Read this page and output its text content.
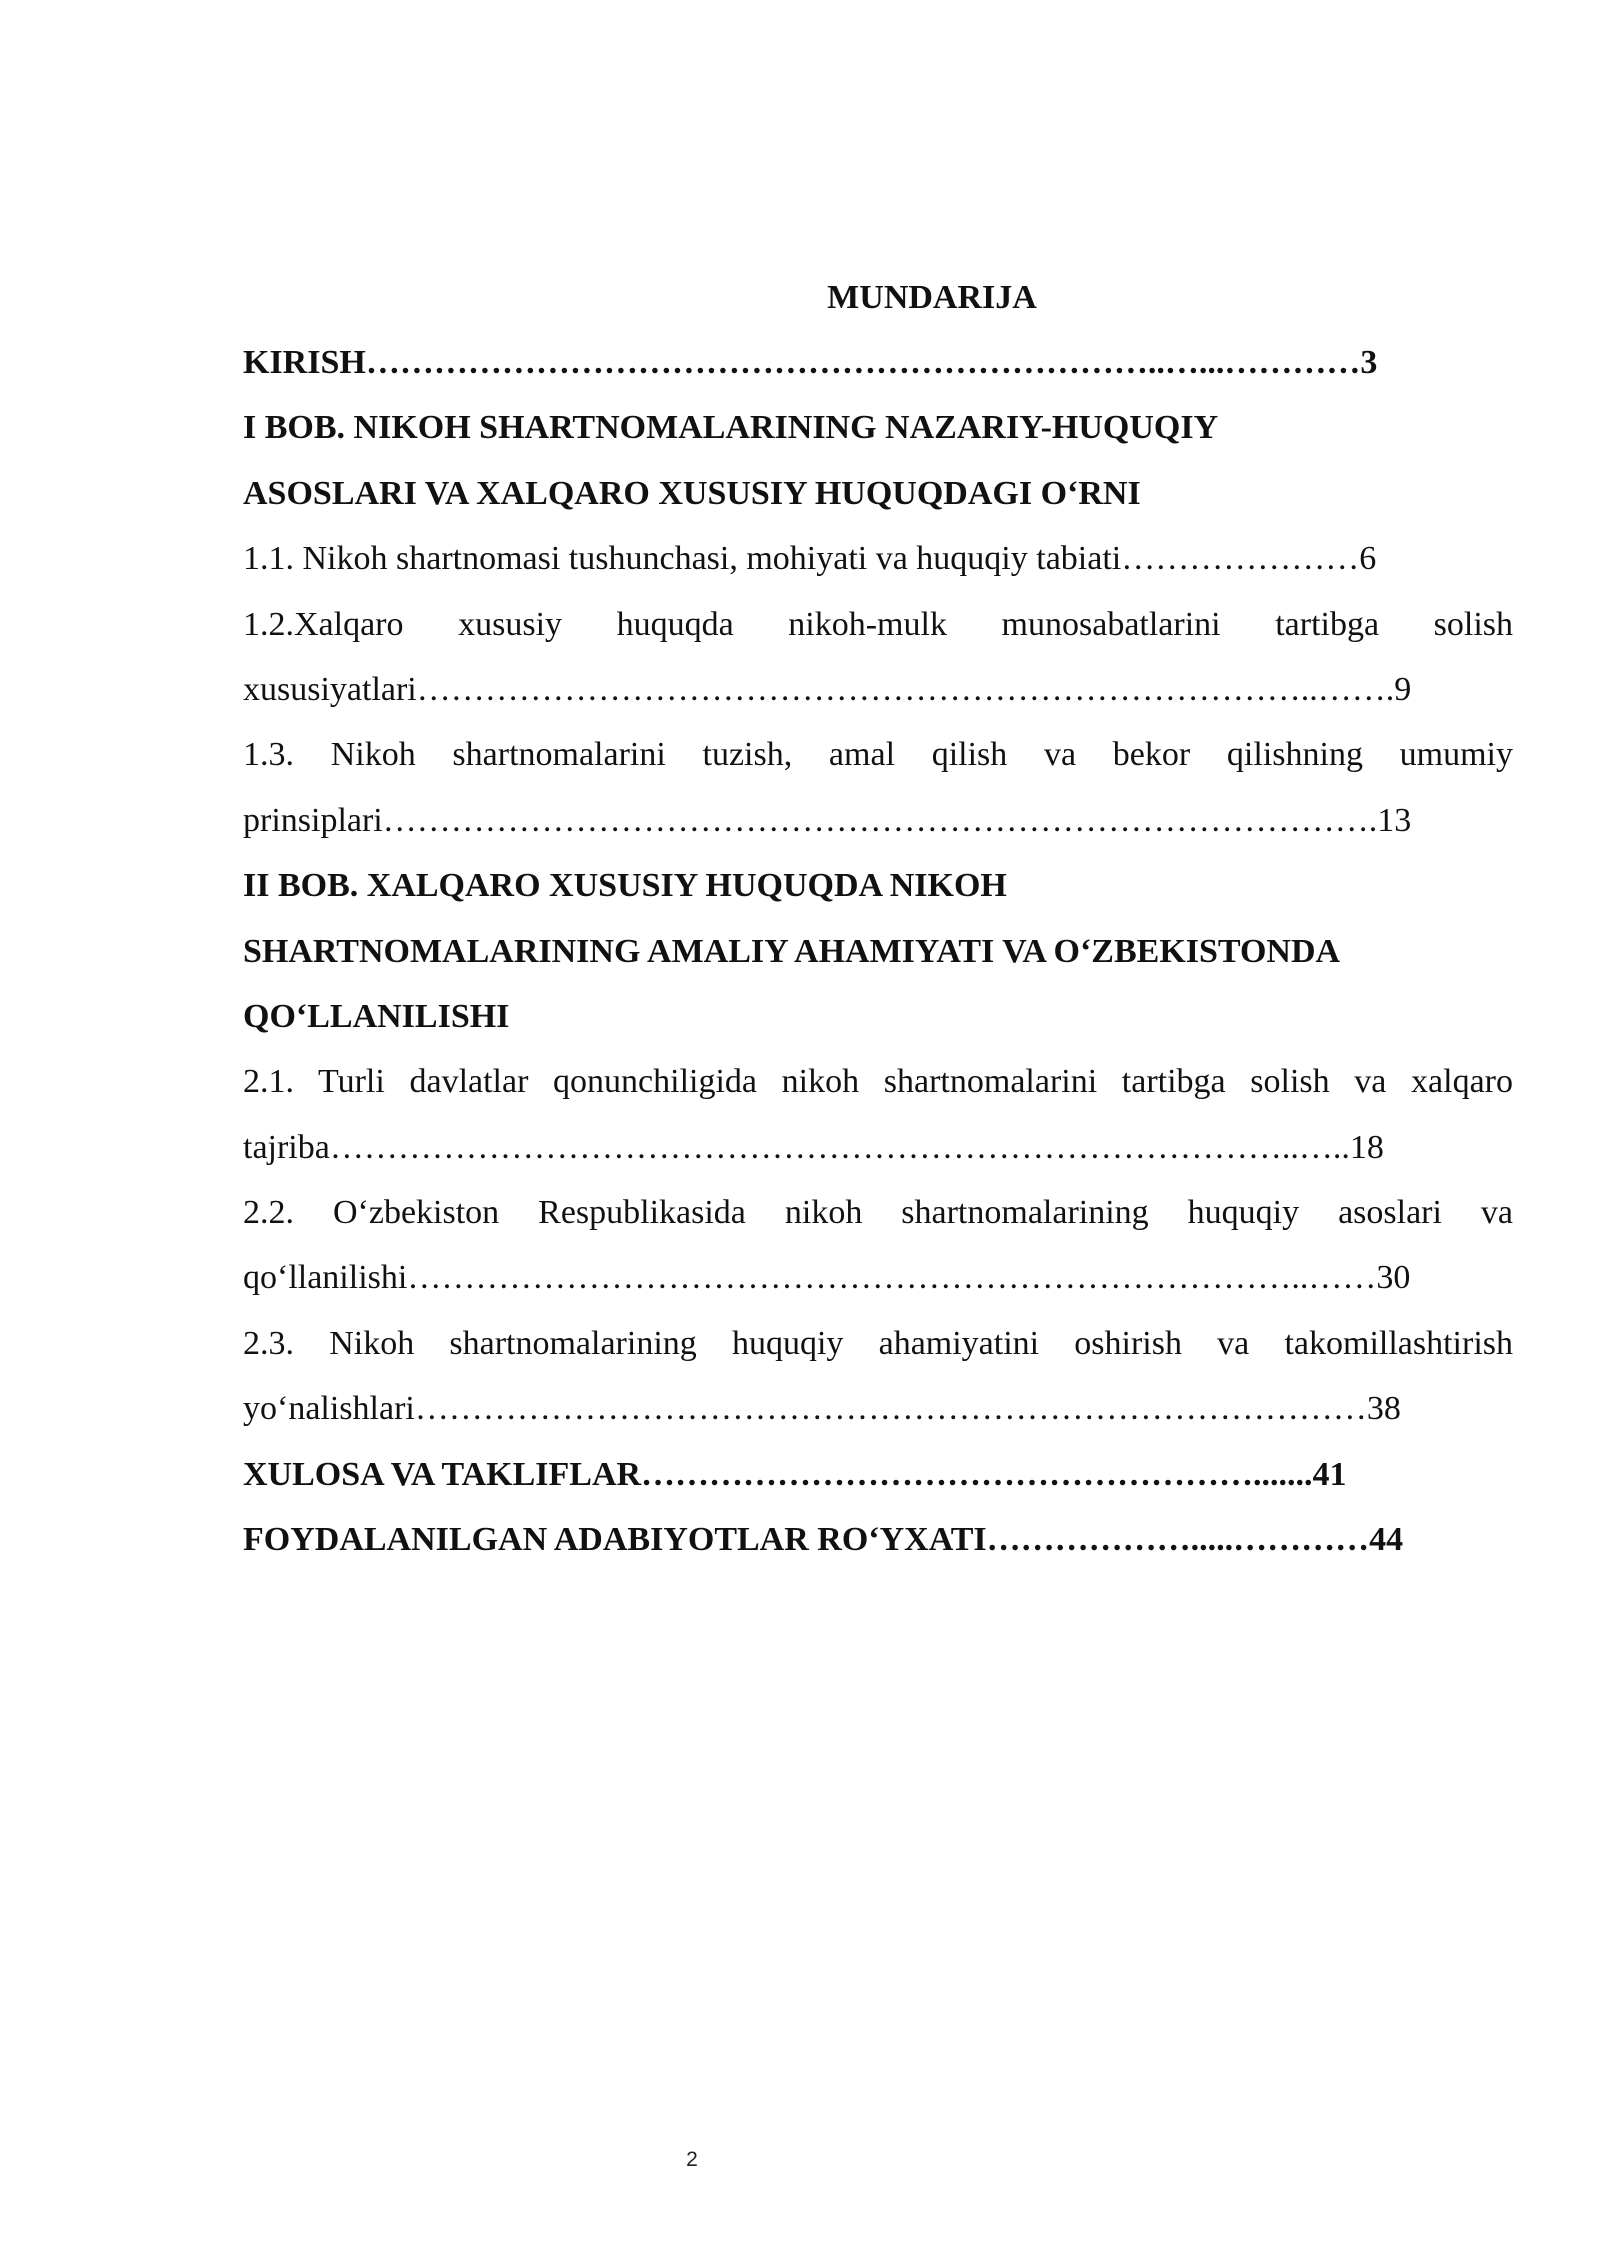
MUNDARIJA
KIRISH……………………………………………………………..…...…………3
I BOB. NIKOH SHARTNOMALARINING NAZARIY-HUQUQIY
ASOSLARI VA XALQARO XUSUSIY HUQUQDAGI O‘RNI
1.1. Nikoh shartnomasi tushunchasi, mohiyati va huquqiy tabiati…………………6
1.2.Xalqaro xususiy huquqda nikoh-mulk munosabatlarini tartibga solish
xususiyatlari……………………………………………………………………..…….9
1.3. Nikoh shartnomalarini tuzish, amal qilish va bekor qilishning umumiy
prinsiplari…………………………………………………………………………….13
II BOB. XALQARO XUSUSIY HUQUQDA NIKOH
SHARTNOMALARINING AMALIY AHAMIYATI VA O‘ZBEKISTONDA
QO‘LLANILISHI
2.1. Turli davlatlar qonunchiligida nikoh shartnomalarini tartibga solish va xalqaro
tajriba…………………………………………………………………………..…..18
2.2. O‘zbekiston Respublikasida nikoh shartnomalarining huquqiy asoslari va
qo‘llanilishi……………………………………………………………………..……30
2.3. Nikoh shartnomalarining huquqiy ahamiyatini oshirish va takomillashtirish
yo‘nalishlari…………………………………………………………………………38
XULOSA VA TAKLIFLAR……………………………………………….......41
FOYDALANILGAN ADABIYOTLAR RO‘YXATI……………….....…………44
2
